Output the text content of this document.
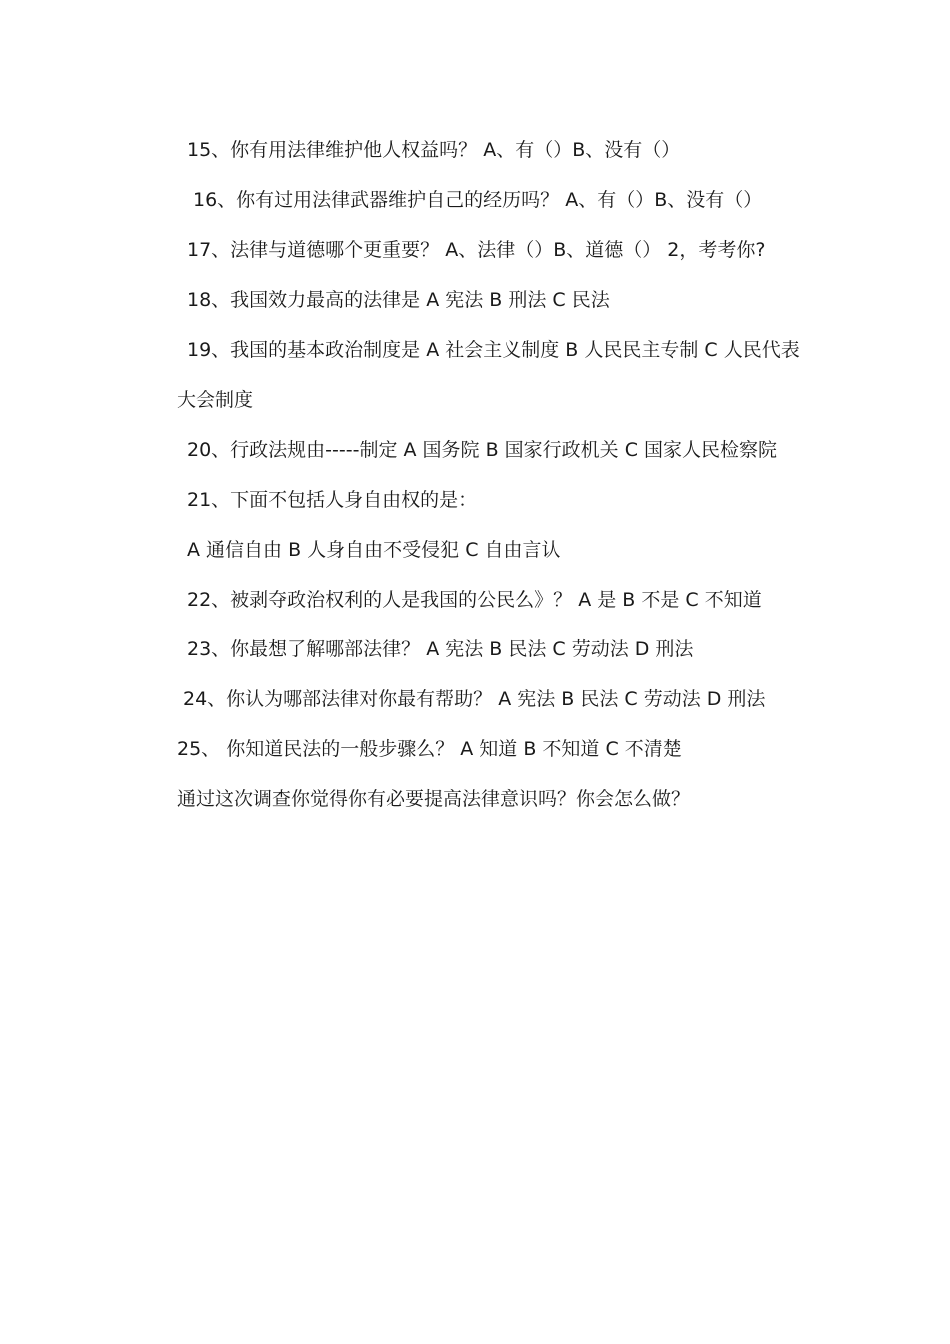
15、你有用法律维护他人权益吗？ A、有（）B、没有（）
16、你有过用法律武器维护自己的经历吗？ A、有（）B、没有（）
17、法律与道德哪个更重要？ A、法律（）B、道德（） 2，考考你?
18、我国效力最高的法律是 A 宪法 B 刑法 C 民法
19、我国的基本政治制度是 A 社会主义制度 B 人民民主专制 C 人民代表
大会制度
20、行政法规由-----制定 A 国务院 B 国家行政机关 C 国家人民检察院
21、下面不包括人身自由权的是：
A 通信自由 B 人身自由不受侵犯 C 自由言认
22、被剥夺政治权利的人是我国的公民么》？ A 是 B 不是 C 不知道
23、你最想了解哪部法律？ A 宪法 B 民法 C 劳动法 D 刑法
24、你认为哪部法律对你最有帮助？ A 宪法 B 民法 C 劳动法 D 刑法
25、 你知道民法的一般步骤么？ A 知道 B 不知道 C 不清楚
通过这次调查你觉得你有必要提高法律意识吗？你会怎么做？
